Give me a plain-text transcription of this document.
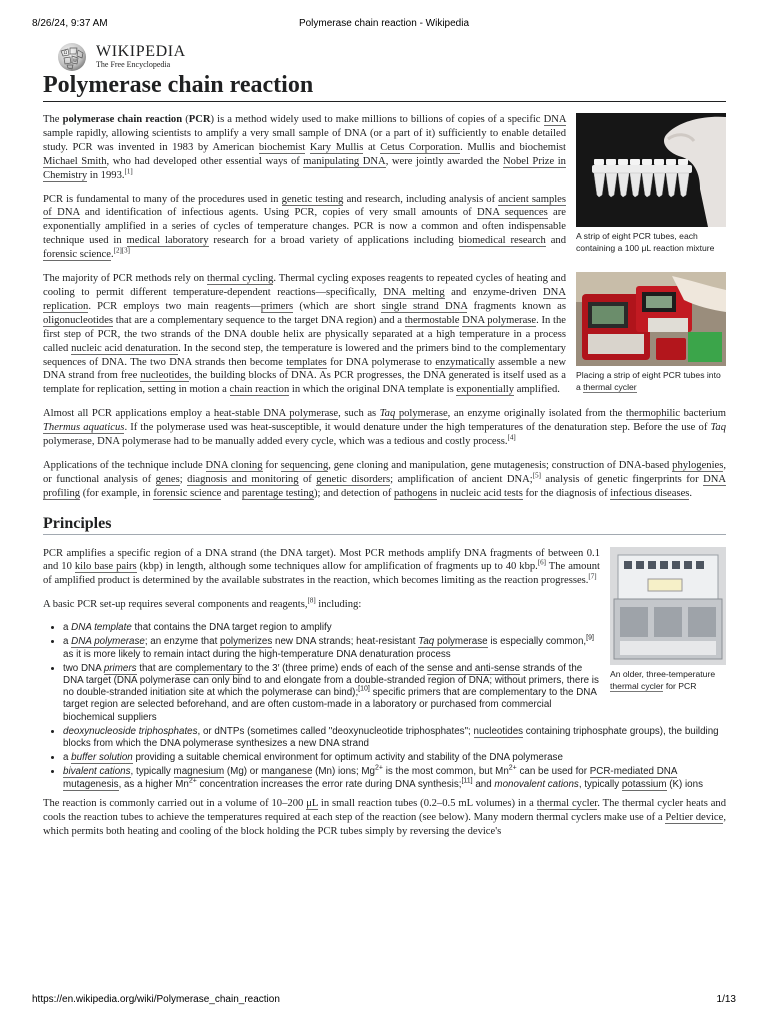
8/26/24, 9:37 AM	Polymerase chain reaction - Wikipedia
Ω
W
WIKIPEDIA
The Free Encyclopedia
Polymerase chain reaction
A strip of eight PCR tubes, each containing a 100 μL reaction mixture

The polymerase chain reaction (PCR) is a method widely used to make millions to billions of copies of a specific DNA sample rapidly, allowing scientists to amplify a very small sample of DNA (or a part of it) sufficiently to enable detailed study. PCR was invented in 1983 by American biochemist Kary Mullis at Cetus Corporation. Mullis and biochemist Michael Smith, who had developed other essential ways of manipulating DNA, were jointly awarded the Nobel Prize in Chemistry in 1993.[1]

PCR is fundamental to many of the procedures used in genetic testing and research, including analysis of ancient samples of DNA and identification of infectious agents. Using PCR, copies of very small amounts of DNA sequences are exponentially amplified in a series of cycles of temperature changes. PCR is now a common and often indispensable technique used in medical laboratory research for a broad variety of applications including biomedical research and forensic science.[2][3]

Placing a strip of eight PCR tubes into a thermal cycler

The majority of PCR methods rely on thermal cycling. Thermal cycling exposes reagents to repeated cycles of heating and cooling to permit different temperature-dependent reactions—specifically, DNA melting and enzyme-driven DNA replication. PCR employs two main reagents—primers (which are short single strand DNA fragments known as oligonucleotides that are a complementary sequence to the target DNA region) and a thermostable DNA polymerase. In the first step of PCR, the two strands of the DNA double helix are physically separated at a high temperature in a process called nucleic acid denaturation. In the second step, the temperature is lowered and the primers bind to the complementary sequences of DNA. The two DNA strands then become templates for DNA polymerase to enzymatically assemble a new DNA strand from free nucleotides, the building blocks of DNA. As PCR progresses, the DNA generated is itself used as a template for replication, setting in motion a chain reaction in which the original DNA template is exponentially amplified.

Almost all PCR applications employ a heat-stable DNA polymerase, such as Taq polymerase, an enzyme originally isolated from the thermophilic bacterium Thermus aquaticus. If the polymerase used was heat-susceptible, it would denature under the high temperatures of the denaturation step. Before the use of Taq polymerase, DNA polymerase had to be manually added every cycle, which was a tedious and costly process.[4]

Applications of the technique include DNA cloning for sequencing, gene cloning and manipulation, gene mutagenesis; construction of DNA-based phylogenies, or functional analysis of genes; diagnosis and monitoring of genetic disorders; amplification of ancient DNA;[5] analysis of genetic fingerprints for DNA profiling (for example, in forensic science and parentage testing); and detection of pathogens in nucleic acid tests for the diagnosis of infectious diseases.

Principles
An older, three-temperature thermal cycler for PCR

PCR amplifies a specific region of a DNA strand (the DNA target). Most PCR methods amplify DNA fragments of between 0.1 and 10 kilo base pairs (kbp) in length, although some techniques allow for amplification of fragments up to 40 kbp.[6] The amount of amplified product is determined by the available substrates in the reaction, which becomes limiting as the reaction progresses.[7]

A basic PCR set-up requires several components and reagents,[8] including:

• a DNA template that contains the DNA target region to amplify
• a DNA polymerase; an enzyme that polymerizes new DNA strands; heat-resistant Taq polymerase is especially common,[9] as it is more likely to remain intact during the high-temperature DNA denaturation process
• two DNA primers that are complementary to the 3′ (three prime) ends of each of the sense and anti-sense strands of the DNA target (DNA polymerase can only bind to and elongate from a double-stranded region of DNA; without primers, there is no double-stranded initiation site at which the polymerase can bind);[10] specific primers that are complementary to the DNA target region are selected beforehand, and are often custom-made in a laboratory or purchased from commercial biochemical suppliers
• deoxynucleoside triphosphates, or dNTPs (sometimes called "deoxynucleotide triphosphates"; nucleotides containing triphosphate groups), the building blocks from which the DNA polymerase synthesizes a new DNA strand
• a buffer solution providing a suitable chemical environment for optimum activity and stability of the DNA polymerase
• bivalent cations, typically magnesium (Mg) or manganese (Mn) ions; $Mg^{2+}$ is the most common, but $Mn^{2+}$ can be used for PCR-mediated DNA mutagenesis, as a higher $Mn^{2+}$ concentration increases the error rate during DNA synthesis;[11] and monovalent cations, typically potassium (K) ions

The reaction is commonly carried out in a volume of 10–200 μL in small reaction tubes (0.2–0.5 mL volumes) in a thermal cycler. The thermal cycler heats and cools the reaction tubes to achieve the temperatures required at each step of the reaction (see below). Many modern thermal cyclers make use of a Peltier device, which permits both heating and cooling of the block holding the PCR tubes simply by reversing the device's

https://en.wikipedia.org/wiki/Polymerase_chain_reaction	1/13
